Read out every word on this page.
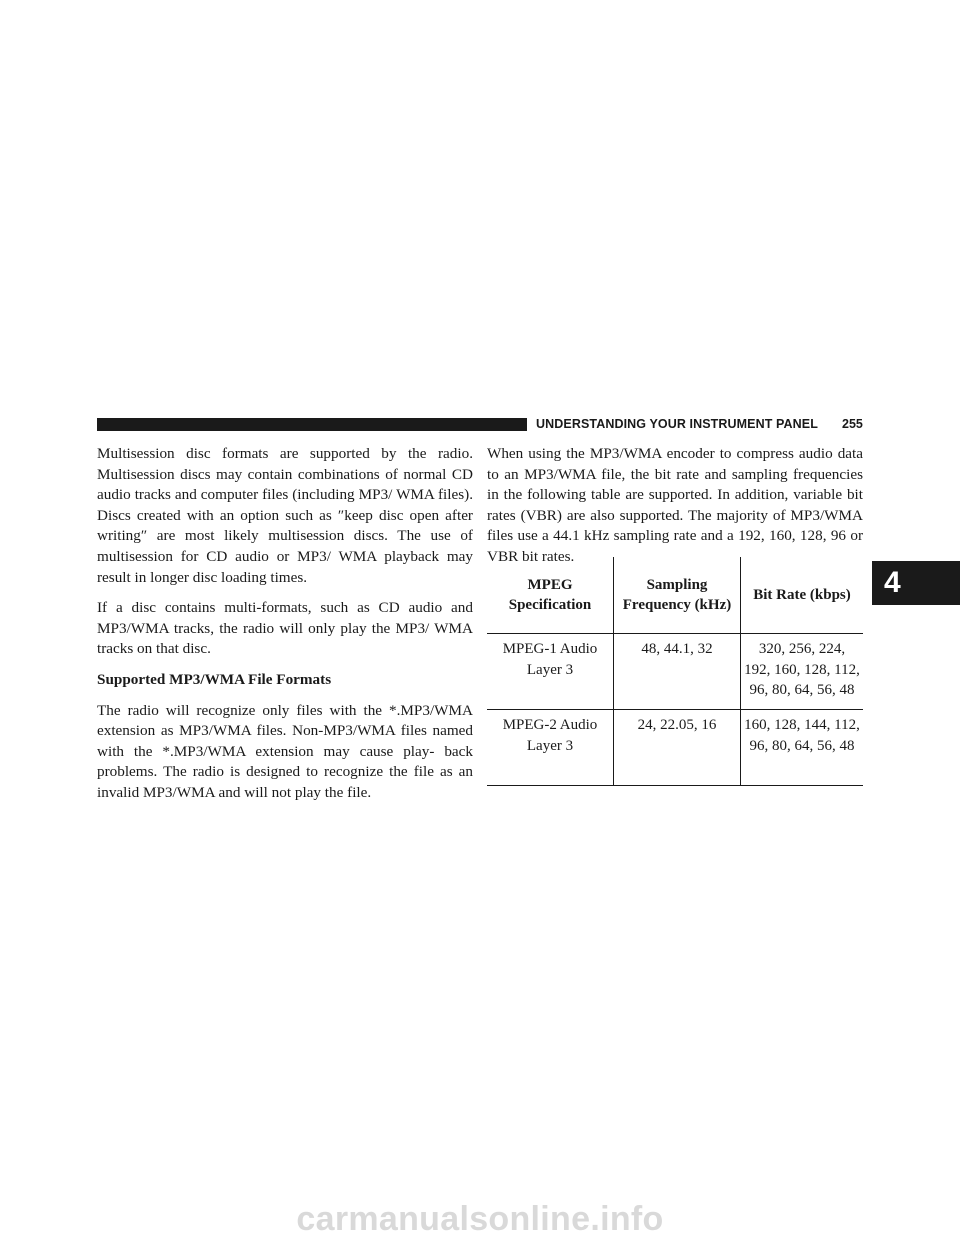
UNDERSTANDING YOUR INSTRUMENT PANEL 255

Multisession disc formats are supported by the radio. Multisession discs may contain combinations of normal CD audio tracks and computer files (including MP3/ WMA files). Discs created with an option such as ″keep disc open after writing″ are most likely multisession discs. The use of multisession for CD audio or MP3/ WMA playback may result in longer disc loading times.

If a disc contains multi-formats, such as CD audio and MP3/WMA tracks, the radio will only play the MP3/ WMA tracks on that disc.

Supported MP3/WMA File Formats

The radio will recognize only files with the *.MP3/WMA extension as MP3/WMA files. Non-MP3/WMA files named with the *.MP3/WMA extension may cause play- back problems. The radio is designed to recognize the file as an invalid MP3/WMA and will not play the file.

When using the MP3/WMA encoder to compress audio data to an MP3/WMA file, the bit rate and sampling frequencies in the following table are supported. In addition, variable bit rates (VBR) are also supported. The majority of MP3/WMA files use a 44.1 kHz sampling rate and a 192, 160, 128, 96 or VBR bit rates.

MPEG Specification	Sampling Frequency (kHz)	Bit Rate (kbps)
MPEG-1 Audio Layer 3	48, 44.1, 32	320, 256, 224, 192, 160, 128, 112, 96, 80, 64, 56, 48
MPEG-2 Audio Layer 3	24, 22.05, 16	160, 128, 144, 112, 96, 80, 64, 56, 48
4
carmanualsonline.info
